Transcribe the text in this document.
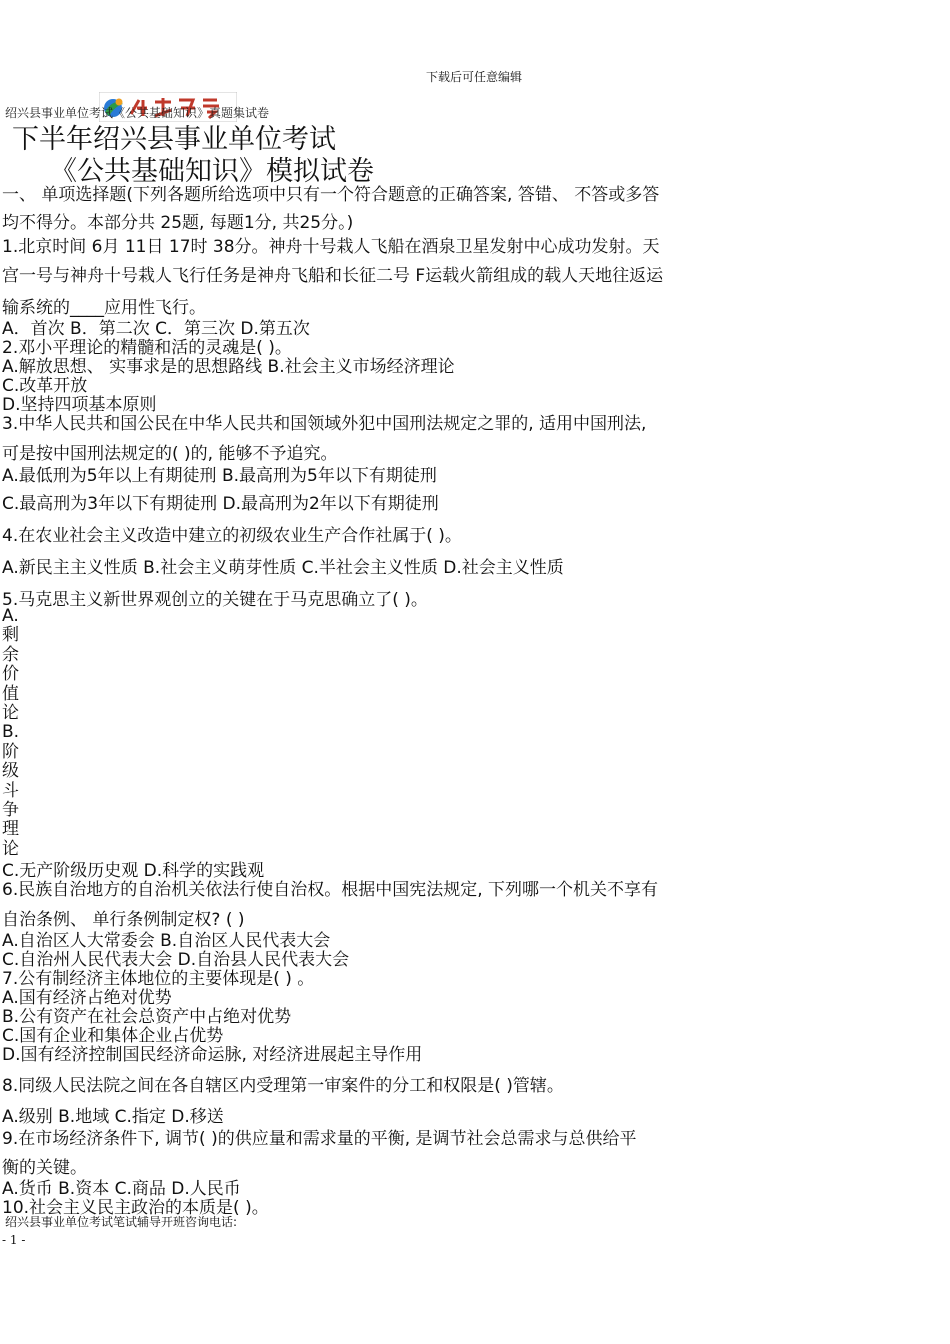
下载后可任意编辑
绍兴县事业单位考试《公共基础知识》真题集试卷
下半年绍兴县事业单位考试
《公共基础知识》模拟试卷
一、 单项选择题(下列各题所给选项中只有一个符合题意的正确答案, 答错、 不答或多答
均不得分。本部分共 25题, 每题1分, 共25分。)
1.北京时间 6月 11日 17时 38分。神舟十号栽人飞船在酒泉卫星发射中心成功发射。天
宫一号与神舟十号栽人飞行任务是神舟飞船和长征二号 F运载火箭组成的载人天地往返运
输系统的____应用性飞行。
A．首次 B．第二次 C．第三次 D.第五次
2.邓小平理论的精髓和活的灵魂是( )。
A.解放思想、 实事求是的思想路线 B.社会主义市场经济理论
C.改革开放
D.坚持四项基本原则
3.中华人民共和国公民在中华人民共和国领域外犯中国刑法规定之罪的, 适用中国刑法,
可是按中国刑法规定的( )的, 能够不予追究。
A.最低刑为5年以上有期徒刑 B.最高刑为5年以下有期徒刑
C.最高刑为3年以下有期徒刑 D.最高刑为2年以下有期徒刑
4.在农业社会主义改造中建立的初级农业生产合作社属于( )。
A.新民主主义性质 B.社会主义萌芽性质 C.半社会主义性质 D.社会主义性质
5.马克思主义新世界观创立的关键在于马克思确立了( )。
A.
剩
余
价
值
论
B.
阶
级
斗
争
理
论
C.无产阶级历史观 D.科学的实践观
6.民族自治地方的自治机关依法行使自治权。根据中国宪法规定, 下列哪一个机关不享有
自治条例、 单行条例制定权? ( )
A.自治区人大常委会 B.自治区人民代表大会
C.自治州人民代表大会 D.自治县人民代表大会
7.公有制经济主体地位的主要体现是( ) 。
A.国有经济占绝对优势
B.公有资产在社会总资产中占绝对优势
C.国有企业和集体企业占优势
D.国有经济控制国民经济命运脉, 对经济进展起主导作用
8.同级人民法院之间在各自辖区内受理第一审案件的分工和权限是( )管辖。
A.级别 B.地域 C.指定 D.移送
9.在市场经济条件下, 调节( )的供应量和需求量的平衡, 是调节社会总需求与总供给平
衡的关键。
A.货币 B.资本 C.商品 D.人民币
10.社会主义民主政治的本质是( )。
绍兴县事业单位考试笔试辅导开班咨询电话:
- 1 -
